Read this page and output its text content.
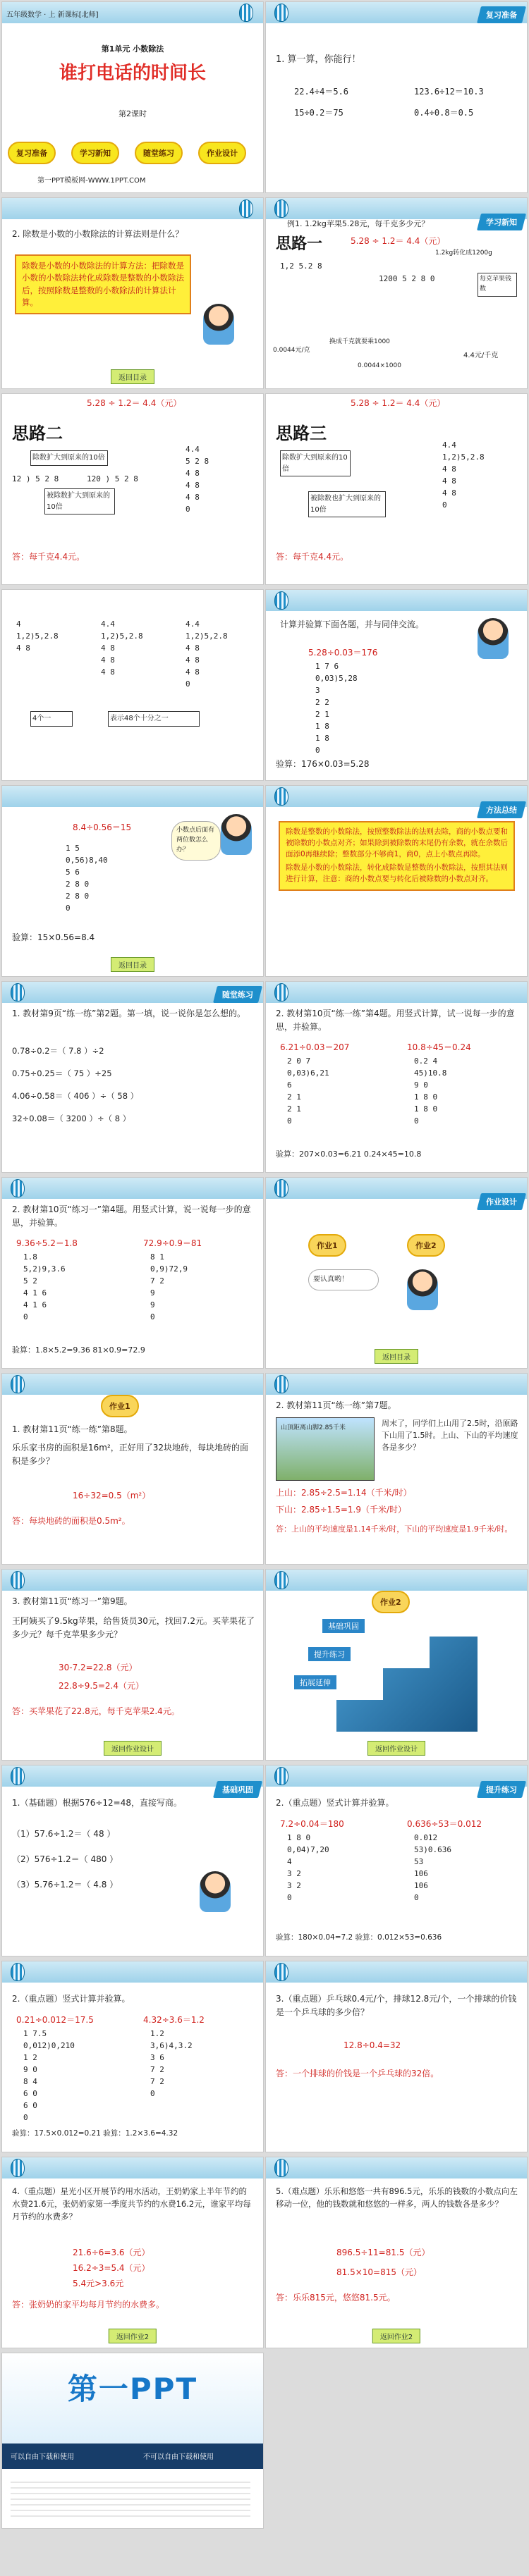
五年级数学 · 上 新课标[北师]
第1单元 小数除法
谁打电话的时间长
第2课时
复习准备	学习新知	随堂练习	作业设计
第一PPT模板网-WWW.1PPT.COM
复习准备
1. 算一算，你能行！
22.4÷4＝5.6	123.6÷12＝10.3
15÷0.2＝75	0.4÷0.8＝0.5
2. 除数是小数的小数除法的计算法则是什么？
除数是小数的小数除法的计算方法：把除数是小数的小数除法转化成除数是整数的小数除法后，按照除数是整数的小数除法的计算法计算。
返回目录
学习新知
例1. 1.2kg苹果5.28元，每千克多少元？
思路一	5.28 ÷ 1.2＝ 4.4（元）
1,2 5.2 8
1200 5 2 8 0
1.2kg转化成1200g
每克苹果钱数
0.0044元/克
换成千克就要乘1000
0.0044×1000
4.4元/千克
思路二
5.28 ÷ 1.2＝ 4.4（元）
除数扩大到原来的10倍
被除数扩大到原来的10倍
12 ) 5 2 8	120 ) 5 2 8
4.4
5 2 8
4 8
4 8
4 8
0
答：每千克4.4元。
思路三
5.28 ÷ 1.2＝ 4.4（元）
除数扩大到原来的10倍
被除数也扩大到原来的10倍
4.4
1,2)5,2.8
4 8
4 8
4 8
0
答：每千克4.4元。
4
1,2)5,2.8
4 8
4.4
1,2)5,2.8
4 8
4 8
4 8
4.4
1,2)5,2.8
4 8
4 8
4 8
0
4个一	表示48个十分之一
计算并验算下面各题，并与同伴交流。
5.28÷0.03＝176
1 7 6
0,03)5,28
3
2 2
2 1
1 8
1 8
0
验算：176×0.03=5.28
8.4÷0.56＝15
1 5
0,56)8,40
5 6
2 8 0
2 8 0
0
小数点后面有两位数怎么办？
验算：15×0.56=8.4
返回目录
方法总结

除数是整数的小数除法，按照整数除法的法则去除，商的小数点要和被除数的小数点对齐；如果除到被除数的末尾仍有余数，就在余数后面添0再继续除；整数部分不够商1，商0，点上小数点再除。

除数是小数的小数除法，转化成除数是整数的小数除法，按照其法则进行计算，注意：商的小数点要与转化后被除数的小数点对齐。

随堂练习
1. 教材第9页“练一练”第2题。第一填，说一说你是怎么想的。
0.78÷0.2＝（ 7.8 ）÷2
0.75÷0.25＝（ 75 ）÷25
4.06÷0.58＝（ 406 ）÷（ 58 ）
32÷0.08＝（ 3200 ）÷（ 8 ）
2. 教材第10页“练一练”第4题。用竖式计算，试一说每一步的意思，并验算。
6.21÷0.03＝207	10.8÷45＝0.24
2 0 7
0,03)6,21
6
2 1
2 1
0
0.2 4
45)10.8
9 0
1 8 0
1 8 0
0
验算：207×0.03=6.21 0.24×45=10.8
2. 教材第10页“练习一”第4题。用竖式计算，说一说每一步的意思，并验算。
9.36÷5.2＝1.8	72.9÷0.9＝81
1.8
5,2)9,3.6
5 2
4 1 6
4 1 6
0
8 1
0,9)72,9
7 2
9
9
0
验算：1.8×5.2=9.36 81×0.9=72.9
作业设计
作业1	作业2
要认真哟！
返回目录
作业1
1. 教材第11页“练一练”第8题。
乐乐家书房的面积是16m²，正好用了32块地砖，每块地砖的面积是多少？
16÷32=0.5（m²）
答：每块地砖的面积是0.5m²。
2. 教材第11页“练一练”第7题。
山顶距离山脚2.85千米	周末了，同学们上山用了2.5时，沿原路下山用了1.5时。上山、下山的平均速度各是多少？
上山：2.85÷2.5=1.14（千米/时）
下山：2.85÷1.5=1.9（千米/时）
答：上山的平均速度是1.14千米/时，下山的平均速度是1.9千米/时。
3. 教材第11页“练习一”第9题。
王阿姨买了9.5kg苹果，给售货员30元，找回7.2元。买苹果花了多少元？每千克苹果多少元？
30-7.2=22.8（元）
22.8÷9.5=2.4（元）
答：买苹果花了22.8元，每千克苹果2.4元。
返回作业设计
作业2
基础巩固
提升练习
拓展延伸
返回作业设计
基础巩固
1.（基础题）根据576÷12=48，直接写商。
（1）57.6÷1.2＝（ 48 ）
（2）576÷1.2＝（ 480 ）
（3）5.76÷1.2＝（ 4.8 ）
提升练习
2.（重点题）竖式计算并验算。
7.2÷0.04＝180	0.636÷53＝0.012
1 8 0
0,04)7,20
4
3 2
3 2
0
0.012
53)0.636
53
106
106
0
验算：180×0.04=7.2 验算：0.012×53=0.636
2.（重点题）竖式计算并验算。
0.21÷0.012＝17.5	4.32÷3.6＝1.2
1 7.5
0,012)0,210
1 2
9 0
8 4
6 0
6 0
0
1.2
3,6)4,3.2
3 6
7 2
7 2
0
验算：17.5×0.012=0.21 验算：1.2×3.6=4.32
3.（重点题）乒乓球0.4元/个，排球12.8元/个，一个排球的价钱是一个乒乓球的多少倍？
12.8÷0.4=32
答：一个排球的价钱是一个乒乓球的32倍。
4.（重点题）星光小区开展节约用水活动，王奶奶家上半年节约的水费21.6元，张奶奶家第一季度共节约的水费16.2元，谁家平均每月节约的水费多？
21.6÷6=3.6（元）
16.2÷3=5.4（元）
5.4元>3.6元
答：张奶奶的家平均每月节约的水费多。
返回作业2
5.（难点题）乐乐和悠悠一共有896.5元，乐乐的钱数的小数点向左移动一位，他的钱数就和悠悠的一样多，两人的钱数各是多少？
896.5÷11=81.5（元）
81.5×10=815（元）
答：乐乐815元，悠悠81.5元。
返回作业2
第一PPT
可以自由下载和使用	不可以自由下载和使用
